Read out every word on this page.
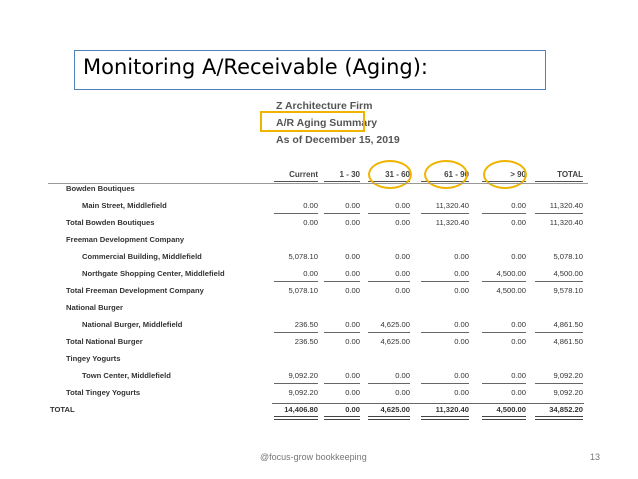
Monitoring A/Receivable (Aging):
Z Architecture Firm
A/R Aging Summary
As of December 15, 2019
Current	1 - 30	31 - 60	61 - 90	> 90	TOTAL
Bowden Boutiques
Main Street, Middlefield	0.00	0.00	0.00	11,320.40	0.00	11,320.40
Total Bowden Boutiques	0.00	0.00	0.00	11,320.40	0.00	11,320.40
Freeman Development Company
Commercial Building, Middlefield	5,078.10	0.00	0.00	0.00	0.00	5,078.10
Northgate Shopping Center, Middlefield	0.00	0.00	0.00	0.00	4,500.00	4,500.00
Total Freeman Development Company	5,078.10	0.00	0.00	0.00	4,500.00	9,578.10
National Burger
National Burger, Middlefield	236.50	0.00	4,625.00	0.00	0.00	4,861.50
Total National Burger	236.50	0.00	4,625.00	0.00	0.00	4,861.50
Tingey Yogurts
Town Center, Middlefield	9,092.20	0.00	0.00	0.00	0.00	9,092.20
Total Tingey Yogurts	9,092.20	0.00	0.00	0.00	0.00	9,092.20
TOTAL	14,406.80	0.00	4,625.00	11,320.40	4,500.00	34,852.20
@focus-grow bookkeeping	13
